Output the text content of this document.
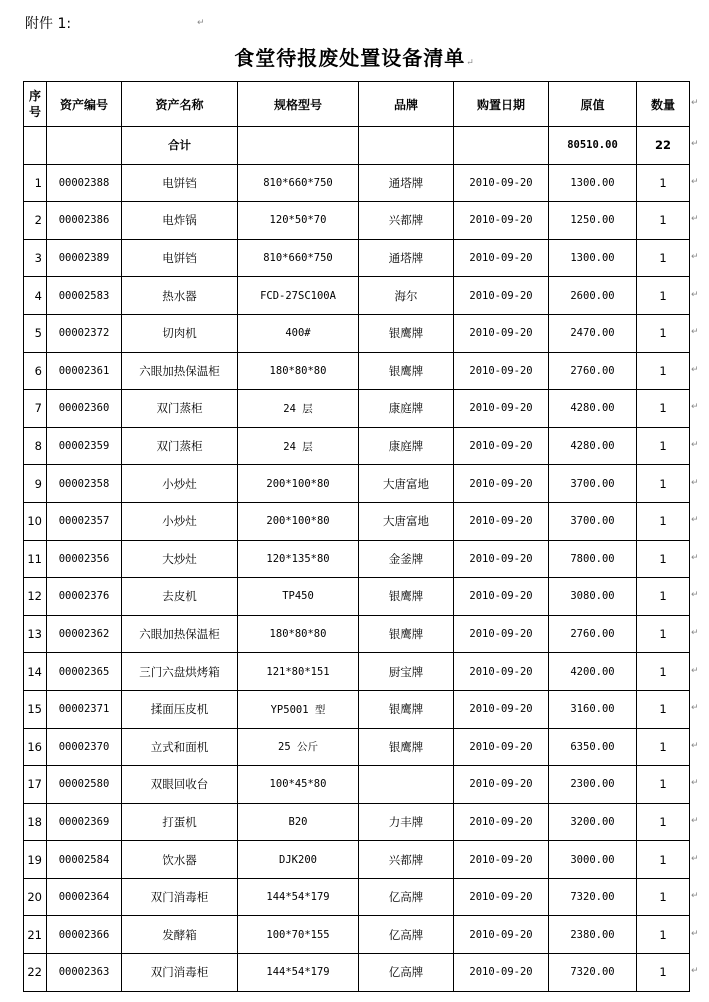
附件 1:	↵
食堂待报废处置设备清单↵
序
号	资产编号	资产名称	规格型号	品牌	购置日期	原值	数量
		合计				80510.00	22
1	00002388	电饼铛	810*660*750	通塔牌	2010-09-20	1300.00	1
2	00002386	电炸锅	120*50*70	兴都牌	2010-09-20	1250.00	1
3	00002389	电饼铛	810*660*750	通塔牌	2010-09-20	1300.00	1
4	00002583	热水器	FCD-27SC100A	海尔	2010-09-20	2600.00	1
5	00002372	切肉机	400#	银鹰牌	2010-09-20	2470.00	1
6	00002361	六眼加热保温柜	180*80*80	银鹰牌	2010-09-20	2760.00	1
7	00002360	双门蒸柜	24 层	康庭牌	2010-09-20	4280.00	1
8	00002359	双门蒸柜	24 层	康庭牌	2010-09-20	4280.00	1
9	00002358	小炒灶	200*100*80	大唐富地	2010-09-20	3700.00	1
10	00002357	小炒灶	200*100*80	大唐富地	2010-09-20	3700.00	1
11	00002356	大炒灶	120*135*80	金釜牌	2010-09-20	7800.00	1
12	00002376	去皮机	TP450	银鹰牌	2010-09-20	3080.00	1
13	00002362	六眼加热保温柜	180*80*80	银鹰牌	2010-09-20	2760.00	1
14	00002365	三门六盘烘烤箱	121*80*151	厨宝牌	2010-09-20	4200.00	1
15	00002371	揉面压皮机	YP5001 型	银鹰牌	2010-09-20	3160.00	1
16	00002370	立式和面机	25 公斤	银鹰牌	2010-09-20	6350.00	1
17	00002580	双眼回收台	100*45*80		2010-09-20	2300.00	1
18	00002369	打蛋机	B20	力丰牌	2010-09-20	3200.00	1
19	00002584	饮水器	DJK200	兴都牌	2010-09-20	3000.00	1
20	00002364	双门消毒柜	144*54*179	亿高牌	2010-09-20	7320.00	1
21	00002366	发酵箱	100*70*155	亿高牌	2010-09-20	2380.00	1
22	00002363	双门消毒柜	144*54*179	亿高牌	2010-09-20	7320.00	1
↵
↵
↵
↵
↵
↵
↵
↵
↵
↵
↵
↵
↵
↵
↵
↵
↵
↵
↵
↵
↵
↵
↵
↵
